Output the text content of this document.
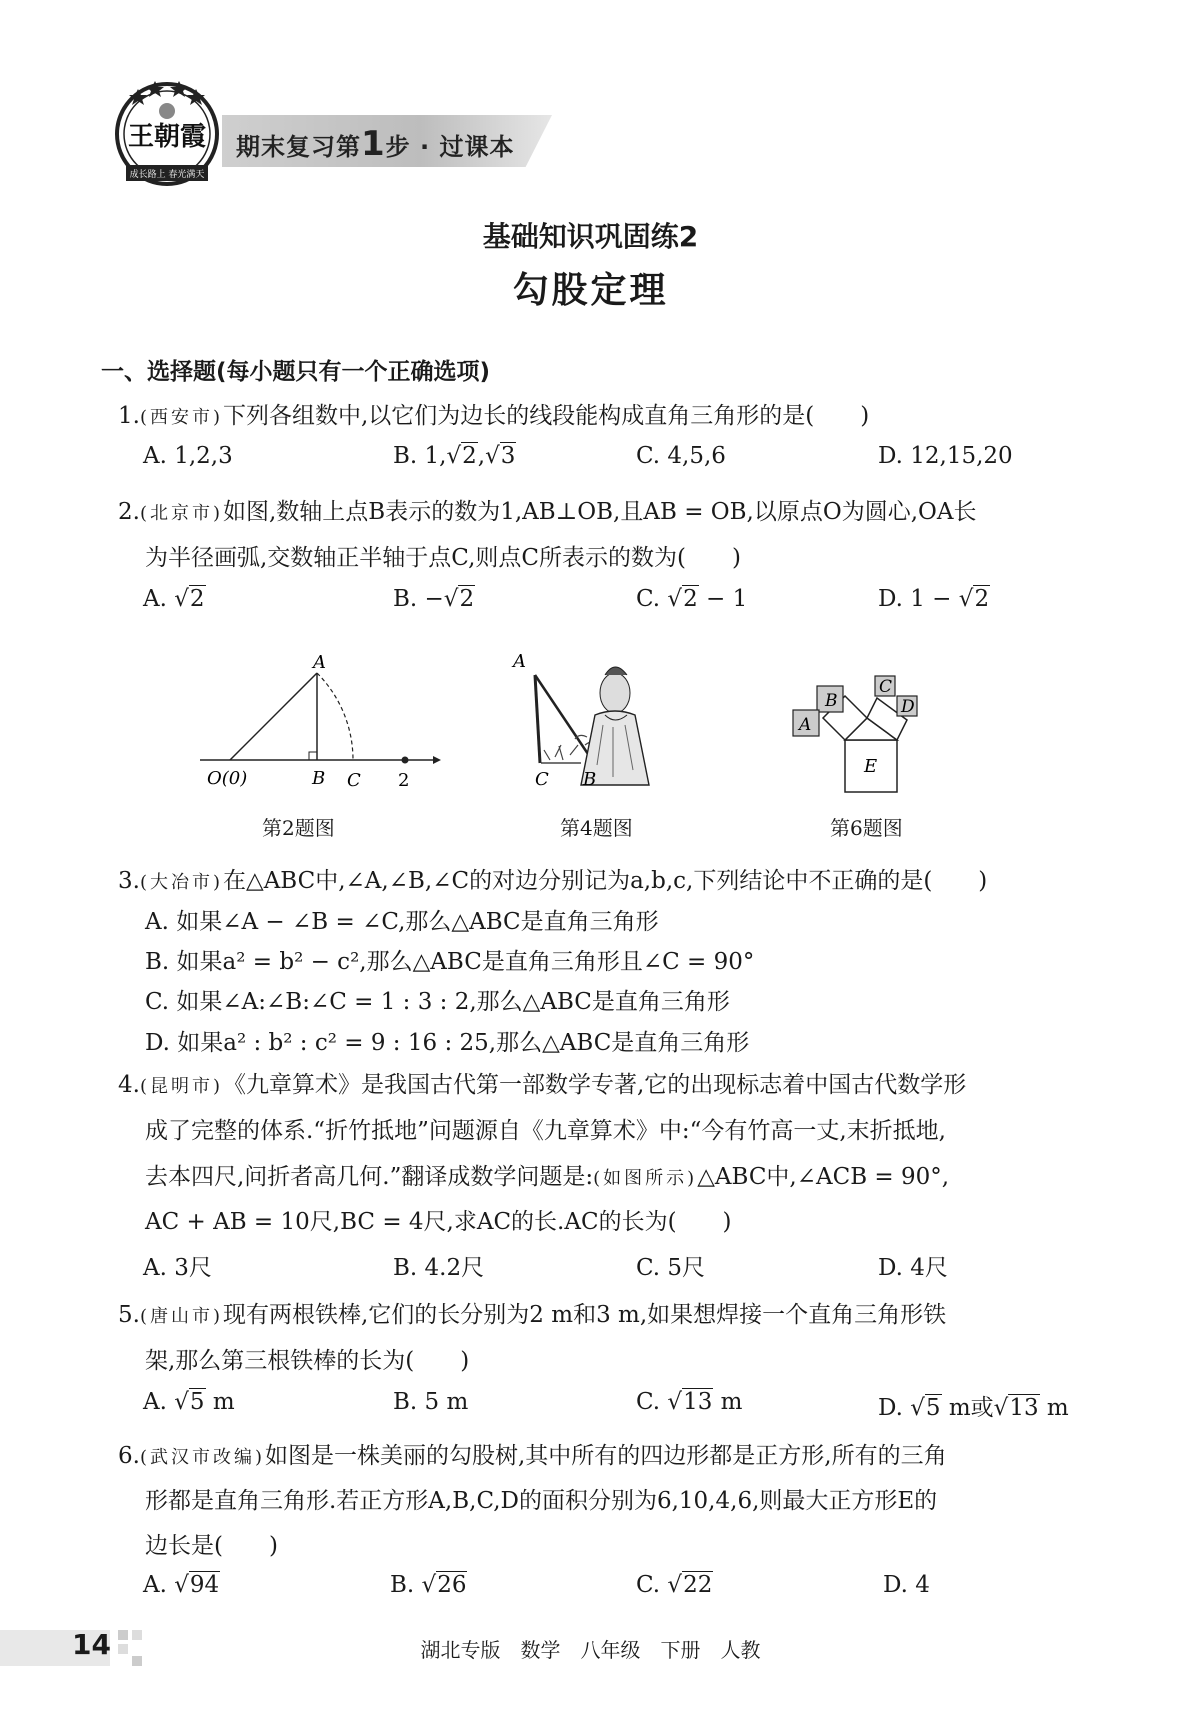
王朝霞
成长路上 春光满天
期末复习第1步 · 过课本
基础知识巩固练2
勾股定理
一、选择题(每小题只有一个正确选项)
1.(西安市)下列各组数中,以它们为边长的线段能构成直角三角形的是(　　)
A. 1,2,3	B. 1,√2,√3	C. 4,5,6	D. 12,15,20
2.(北京市)如图,数轴上点B表示的数为1,AB⊥OB,且AB = OB,以原点O为圆心,OA长
为半径画弧,交数轴正半轴于点C,则点C所表示的数为(　　)
A. √2	B. −√2	C. √2 − 1	D. 1 − √2
A
O(0)	B C 2
第2题图
A
C B
第4题图
B
A
C
D
E
第6题图
3.(大冶市)在△ABC中,∠A,∠B,∠C的对边分别记为a,b,c,下列结论中不正确的是(　　)
A. 如果∠A − ∠B = ∠C,那么△ABC是直角三角形
B. 如果a² = b² − c²,那么△ABC是直角三角形且∠C = 90°
C. 如果∠A:∠B:∠C = 1 : 3 : 2,那么△ABC是直角三角形
D. 如果a² : b² : c² = 9 : 16 : 25,那么△ABC是直角三角形
4.(昆明市)《九章算术》是我国古代第一部数学专著,它的出现标志着中国古代数学形
成了完整的体系.“折竹抵地”问题源自《九章算术》中:“今有竹高一丈,末折抵地,
去本四尺,问折者高几何.”翻译成数学问题是:(如图所示)△ABC中,∠ACB = 90°,
AC + AB = 10尺,BC = 4尺,求AC的长.AC的长为(　　)
A. 3尺	B. 4.2尺	C. 5尺	D. 4尺
5.(唐山市)现有两根铁棒,它们的长分别为2 m和3 m,如果想焊接一个直角三角形铁
架,那么第三根铁棒的长为(　　)
A. √5 m	B. 5 m	C. √13 m	D. √5 m或√13 m
6.(武汉市改编)如图是一株美丽的勾股树,其中所有的四边形都是正方形,所有的三角
形都是直角三角形.若正方形A,B,C,D的面积分别为6,10,4,6,则最大正方形E的
边长是(　　)
A. √94	B. √26	C. √22	D. 4
14	湖北专版　数学　八年级　下册　人教
